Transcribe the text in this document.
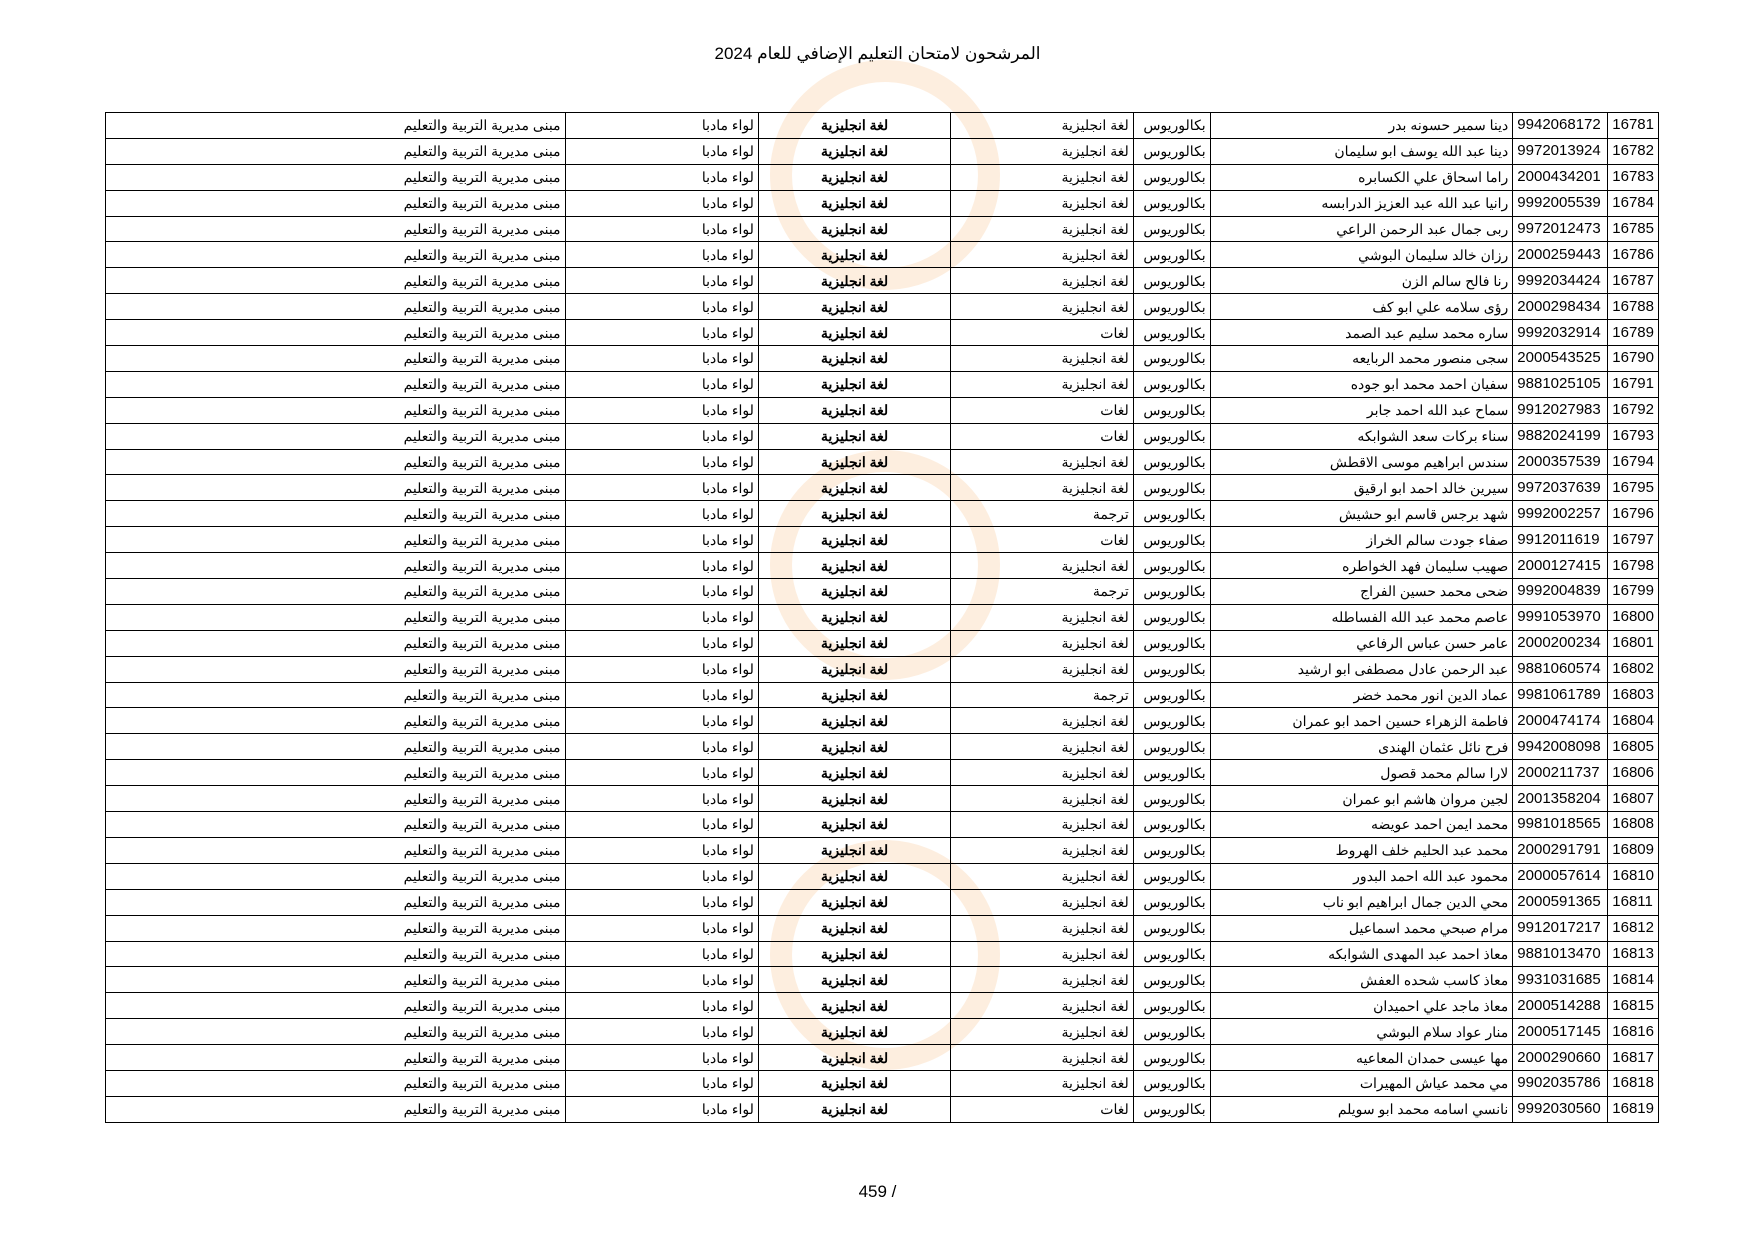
المرشحون لامتحان التعليم الإضافي للعام 2024
16781	9942068172	دينا سمير حسونه بدر	بكالوريوس	لغة انجليزية	لغة انجليزية	لواء مادبا	مبنى مديرية التربية والتعليم
16782	9972013924	دينا عبد الله يوسف ابو سليمان	بكالوريوس	لغة انجليزية	لغة انجليزية	لواء مادبا	مبنى مديرية التربية والتعليم
16783	2000434201	راما اسحاق علي الكسابره	بكالوريوس	لغة انجليزية	لغة انجليزية	لواء مادبا	مبنى مديرية التربية والتعليم
16784	9992005539	رانيا عبد الله عبد العزيز الدرابسه	بكالوريوس	لغة انجليزية	لغة انجليزية	لواء مادبا	مبنى مديرية التربية والتعليم
16785	9972012473	ربى جمال عبد الرحمن الراعي	بكالوريوس	لغة انجليزية	لغة انجليزية	لواء مادبا	مبنى مديرية التربية والتعليم
16786	2000259443	رزان خالد سليمان البوشي	بكالوريوس	لغة انجليزية	لغة انجليزية	لواء مادبا	مبنى مديرية التربية والتعليم
16787	9992034424	رنا فالح سالم الزن	بكالوريوس	لغة انجليزية	لغة انجليزية	لواء مادبا	مبنى مديرية التربية والتعليم
16788	2000298434	رؤى سلامه علي ابو كف	بكالوريوس	لغة انجليزية	لغة انجليزية	لواء مادبا	مبنى مديرية التربية والتعليم
16789	9992032914	ساره محمد سليم عبد الصمد	بكالوريوس	لغات	لغة انجليزية	لواء مادبا	مبنى مديرية التربية والتعليم
16790	2000543525	سجى منصور محمد الربايعه	بكالوريوس	لغة انجليزية	لغة انجليزية	لواء مادبا	مبنى مديرية التربية والتعليم
16791	9881025105	سفيان احمد محمد ابو جوده	بكالوريوس	لغة انجليزية	لغة انجليزية	لواء مادبا	مبنى مديرية التربية والتعليم
16792	9912027983	سماح عبد الله احمد جابر	بكالوريوس	لغات	لغة انجليزية	لواء مادبا	مبنى مديرية التربية والتعليم
16793	9882024199	سناء بركات سعد الشوابكه	بكالوريوس	لغات	لغة انجليزية	لواء مادبا	مبنى مديرية التربية والتعليم
16794	2000357539	سندس ابراهيم موسى الاقطش	بكالوريوس	لغة انجليزية	لغة انجليزية	لواء مادبا	مبنى مديرية التربية والتعليم
16795	9972037639	سيرين خالد احمد ابو ارقيق	بكالوريوس	لغة انجليزية	لغة انجليزية	لواء مادبا	مبنى مديرية التربية والتعليم
16796	9992002257	شهد برجس قاسم ابو حشيش	بكالوريوس	ترجمة	لغة انجليزية	لواء مادبا	مبنى مديرية التربية والتعليم
16797	9912011619	صفاء جودت سالم الخراز	بكالوريوس	لغات	لغة انجليزية	لواء مادبا	مبنى مديرية التربية والتعليم
16798	2000127415	صهيب سليمان فهد الخواطره	بكالوريوس	لغة انجليزية	لغة انجليزية	لواء مادبا	مبنى مديرية التربية والتعليم
16799	9992004839	ضحى محمد حسين الفراج	بكالوريوس	ترجمة	لغة انجليزية	لواء مادبا	مبنى مديرية التربية والتعليم
16800	9991053970	عاصم محمد عبد الله الفساطله	بكالوريوس	لغة انجليزية	لغة انجليزية	لواء مادبا	مبنى مديرية التربية والتعليم
16801	2000200234	عامر حسن عباس الرفاعي	بكالوريوس	لغة انجليزية	لغة انجليزية	لواء مادبا	مبنى مديرية التربية والتعليم
16802	9881060574	عبد الرحمن عادل مصطفى ابو ارشيد	بكالوريوس	لغة انجليزية	لغة انجليزية	لواء مادبا	مبنى مديرية التربية والتعليم
16803	9981061789	عماد الدين انور محمد خضر	بكالوريوس	ترجمة	لغة انجليزية	لواء مادبا	مبنى مديرية التربية والتعليم
16804	2000474174	فاطمة الزهراء حسين احمد ابو عمران	بكالوريوس	لغة انجليزية	لغة انجليزية	لواء مادبا	مبنى مديرية التربية والتعليم
16805	9942008098	فرح نائل عثمان الهندى	بكالوريوس	لغة انجليزية	لغة انجليزية	لواء مادبا	مبنى مديرية التربية والتعليم
16806	2000211737	لارا سالم محمد قصول	بكالوريوس	لغة انجليزية	لغة انجليزية	لواء مادبا	مبنى مديرية التربية والتعليم
16807	2001358204	لجين مروان هاشم ابو عمران	بكالوريوس	لغة انجليزية	لغة انجليزية	لواء مادبا	مبنى مديرية التربية والتعليم
16808	9981018565	محمد ايمن احمد عويضه	بكالوريوس	لغة انجليزية	لغة انجليزية	لواء مادبا	مبنى مديرية التربية والتعليم
16809	2000291791	محمد عبد الحليم خلف الهروط	بكالوريوس	لغة انجليزية	لغة انجليزية	لواء مادبا	مبنى مديرية التربية والتعليم
16810	2000057614	محمود عبد الله احمد البدور	بكالوريوس	لغة انجليزية	لغة انجليزية	لواء مادبا	مبنى مديرية التربية والتعليم
16811	2000591365	محي الدين جمال ابراهيم ابو ناب	بكالوريوس	لغة انجليزية	لغة انجليزية	لواء مادبا	مبنى مديرية التربية والتعليم
16812	9912017217	مرام صبحي محمد اسماعيل	بكالوريوس	لغة انجليزية	لغة انجليزية	لواء مادبا	مبنى مديرية التربية والتعليم
16813	9881013470	معاذ احمد عبد المهدى الشوابكه	بكالوريوس	لغة انجليزية	لغة انجليزية	لواء مادبا	مبنى مديرية التربية والتعليم
16814	9931031685	معاذ كاسب شحده العفش	بكالوريوس	لغة انجليزية	لغة انجليزية	لواء مادبا	مبنى مديرية التربية والتعليم
16815	2000514288	معاذ ماجد علي احميدان	بكالوريوس	لغة انجليزية	لغة انجليزية	لواء مادبا	مبنى مديرية التربية والتعليم
16816	2000517145	منار عواد سلام البوشي	بكالوريوس	لغة انجليزية	لغة انجليزية	لواء مادبا	مبنى مديرية التربية والتعليم
16817	2000290660	مها عيسى حمدان المعاعيه	بكالوريوس	لغة انجليزية	لغة انجليزية	لواء مادبا	مبنى مديرية التربية والتعليم
16818	9902035786	مي محمد عياش المهيرات	بكالوريوس	لغة انجليزية	لغة انجليزية	لواء مادبا	مبنى مديرية التربية والتعليم
16819	9992030560	نانسي اسامه محمد ابو سويلم	بكالوريوس	لغات	لغة انجليزية	لواء مادبا	مبنى مديرية التربية والتعليم
459 /
